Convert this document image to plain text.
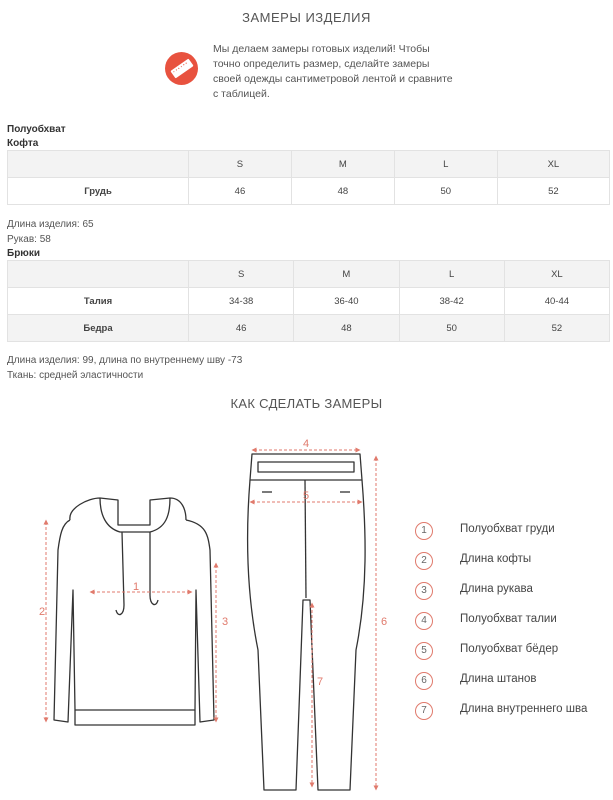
ЗАМЕРЫ ИЗДЕЛИЯ
Мы делаем замеры готовых изделий! Чтобы точно определить размер, сделайте замеры своей одежды сантиметровой лентой и сравните с таблицей.
Полуобхват
Кофта
	S	M	L	XL
Грудь	46	48	50	52
Длина изделия: 65
Рукав: 58
Брюки
	S	M	L	XL
Талия	34-38	36-40	38-42	40-44
Бедра	46	48	50	52
Длина изделия: 99, длина по внутреннему шву -73
Ткань: средней эластичности
КАК СДЕЛАТЬ ЗАМЕРЫ
1
2
3
4
5
6
7
1	Полуобхват груди
2	Длина кофты
3	Длина рукава
4	Полуобхват талии
5	Полуобхват бёдер
6	Длина штанов
7	Длина внутреннего шва
